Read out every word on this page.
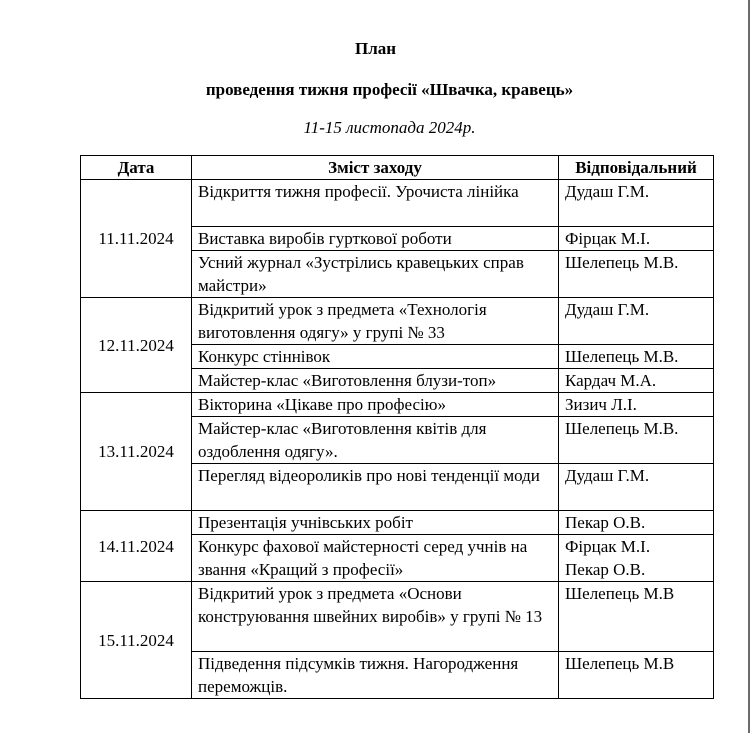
План
проведення тижня професії «Швачка, кравець»
11-15 листопада 2024р.
Дата	Зміст заходу	Відповідальний
11.11.2024	Відкриття тижня професії. Урочиста лінійка	Дудаш Г.М.
	Виставка виробів гурткової роботи	Фірцак М.І.
	Усний журнал «Зустрілись кравецьких справ майстри»	Шелепець М.В.
12.11.2024	Відкритий урок з предмета «Технологія виготовлення одягу» у групі № 33	Дудаш Г.М.
	Конкурс стіннівок	Шелепець М.В.
	Майстер-клас «Виготовлення блузи-топ»	Кардач М.А.
13.11.2024	Вікторина «Цікаве про професію»	Зизич Л.І.
	Майстер-клас «Виготовлення квітів для оздоблення одягу».	Шелепець М.В.
	Перегляд відеороликів про нові тенденції моди	Дудаш Г.М.
14.11.2024	Презентація учнівських робіт	Пекар О.В.
	Конкурс фахової майстерності серед учнів на звання «Кращий з професії»	Фірцак М.І.
Пекар О.В.

15.11.2024	Відкритий урок з предмета «Основи конструювання швейних виробів» у групі № 13	Шелепець М.В
	Підведення підсумків тижня. Нагородження переможців.	Шелепець М.В
